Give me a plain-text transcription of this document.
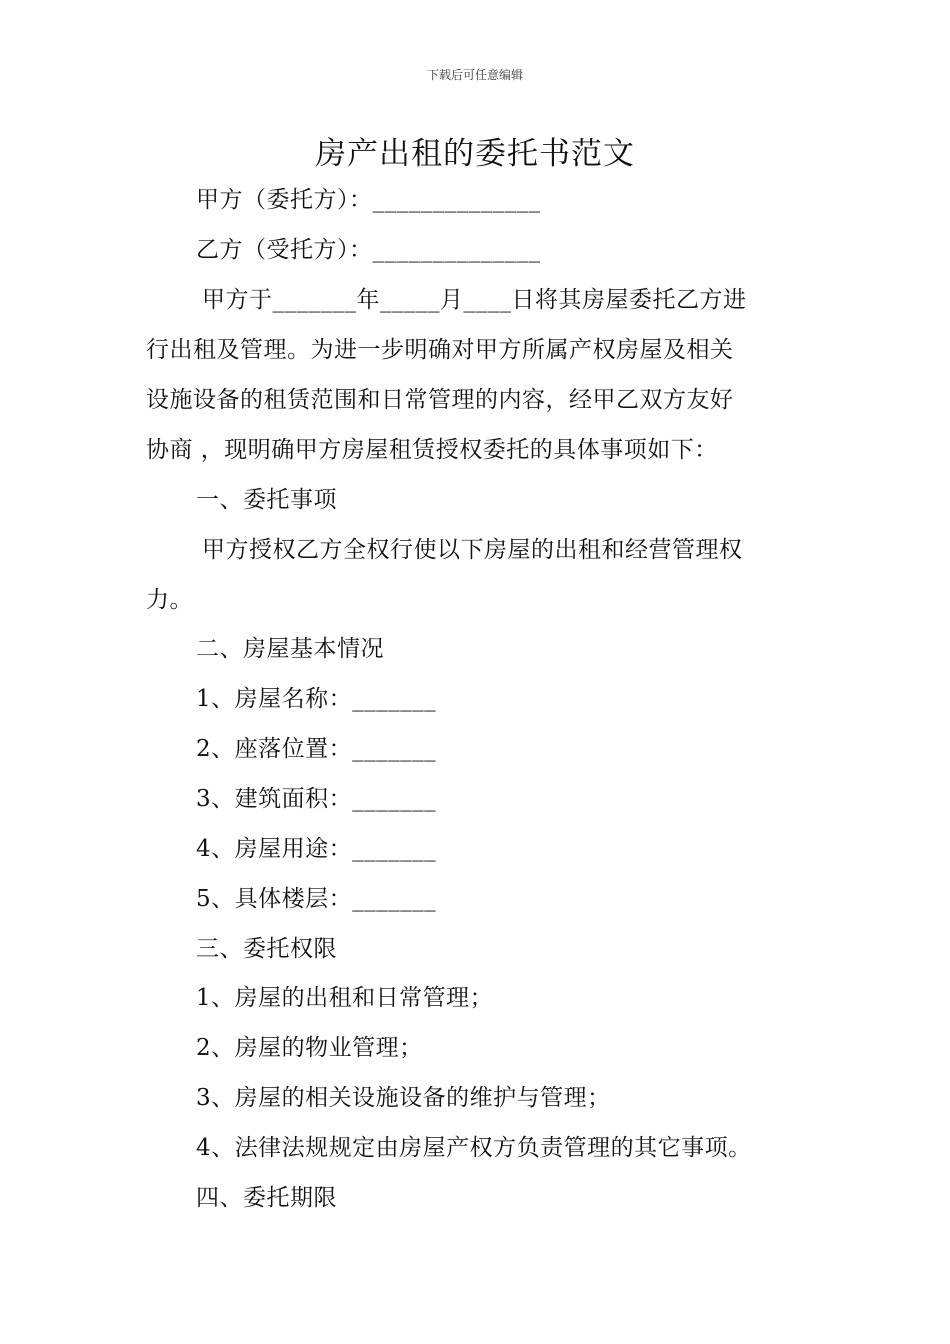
下载后可任意编辑
房产出租的委托书范文
甲方（委托方）：______________
乙方（受托方）：______________
甲方于_______年_____月____日将其房屋委托乙方进
行出租及管理。为进一步明确对甲方所属产权房屋及相关
设施设备的租赁范围和日常管理的内容，经甲乙双方友好
协商 ，现明确甲方房屋租赁授权委托的具体事项如下：
一、委托事项
甲方授权乙方全权行使以下房屋的出租和经营管理权
力。
二、房屋基本情况
1、房屋名称：_______
2、座落位置：_______
3、建筑面积：_______
4、房屋用途：_______
5、具体楼层：_______
三、委托权限
1、房屋的出租和日常管理；
2、房屋的物业管理；
3、房屋的相关设施设备的维护与管理；
4、法律法规规定由房屋产权方负责管理的其它事项。
四、委托期限
